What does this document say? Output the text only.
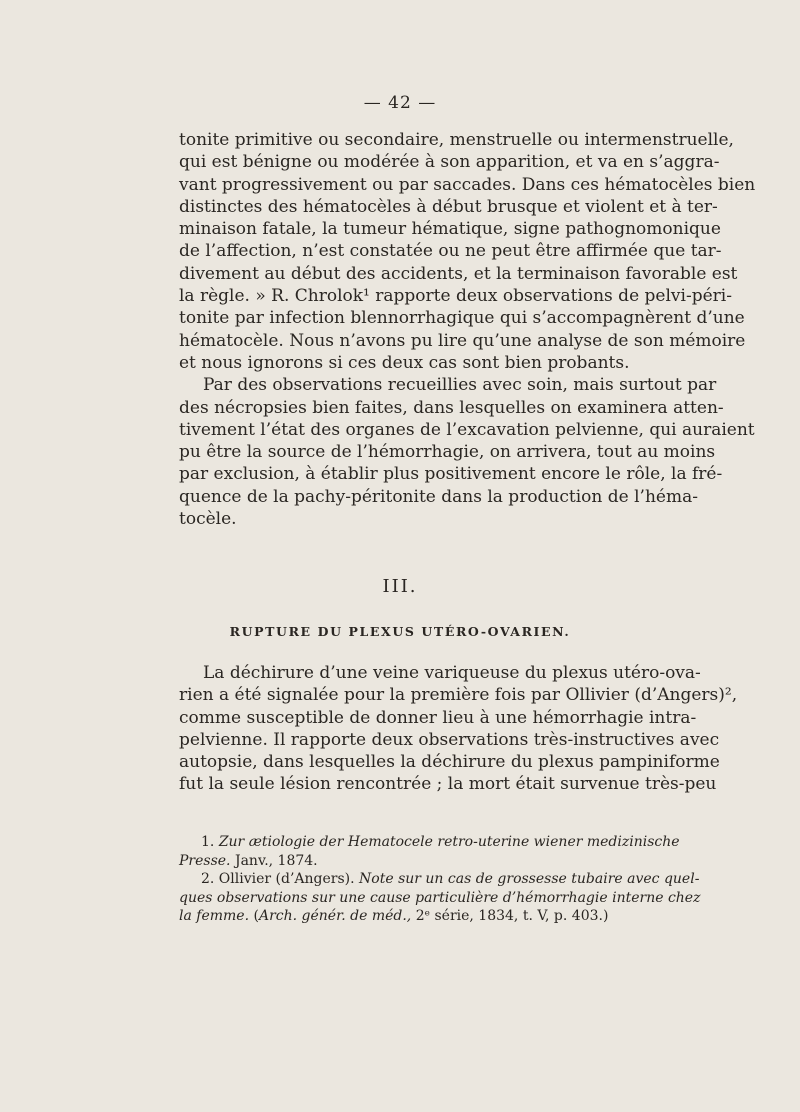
— 42 —
tonite primitive ou secondaire, menstruelle ou intermenstruelle,
qui est bénigne ou modérée à son apparition, et va en s’aggra-
vant progressivement ou par saccades. Dans ces hématocèles bien
distinctes des hématocèles à début brusque et violent et à ter-
minaison fatale, la tumeur hématique, signe pathognomonique
de l’affection, n’est constatée ou ne peut être affirmée que tar-
divement au début des accidents, et la terminaison favorable est
la règle. » R. Chrolok¹ rapporte deux observations de pelvi-péri-
tonite par infection blennorrhagique qui s’accompagnèrent d’une
hématocèle. Nous n’avons pu lire qu’une analyse de son mémoire
et nous ignorons si ces deux cas sont bien probants.
Par des observations recueillies avec soin, mais surtout par
des nécropsies bien faites, dans lesquelles on examinera atten-
tivement l’état des organes de l’excavation pelvienne, qui auraient
pu être la source de l’hémorrhagie, on arrivera, tout au moins
par exclusion, à établir plus positivement encore le rôle, la fré-
quence de la pachy-péritonite dans la production de l’héma-
tocèle.
III.
RUPTURE DU PLEXUS UTÉRO-OVARIEN.
La déchirure d’une veine variqueuse du plexus utéro-ova-
rien a été signalée pour la première fois par Ollivier (d’Angers)²,
comme susceptible de donner lieu à une hémorrhagie intra-
pelvienne. Il rapporte deux observations très-instructives avec
autopsie, dans lesquelles la déchirure du plexus pampiniforme
fut la seule lésion rencontrée ; la mort était survenue très-peu
1. Zur ætiologie der Hematocele retro-uterine wiener medizinische
Presse. Janv., 1874.
2. Ollivier (d’Angers). Note sur un cas de grossesse tubaire avec quel-
ques observations sur une cause particulière d’hémorrhagie interne chez
la femme. (Arch. génér. de méd., 2ᵉ série, 1834, t. V, p. 403.)
